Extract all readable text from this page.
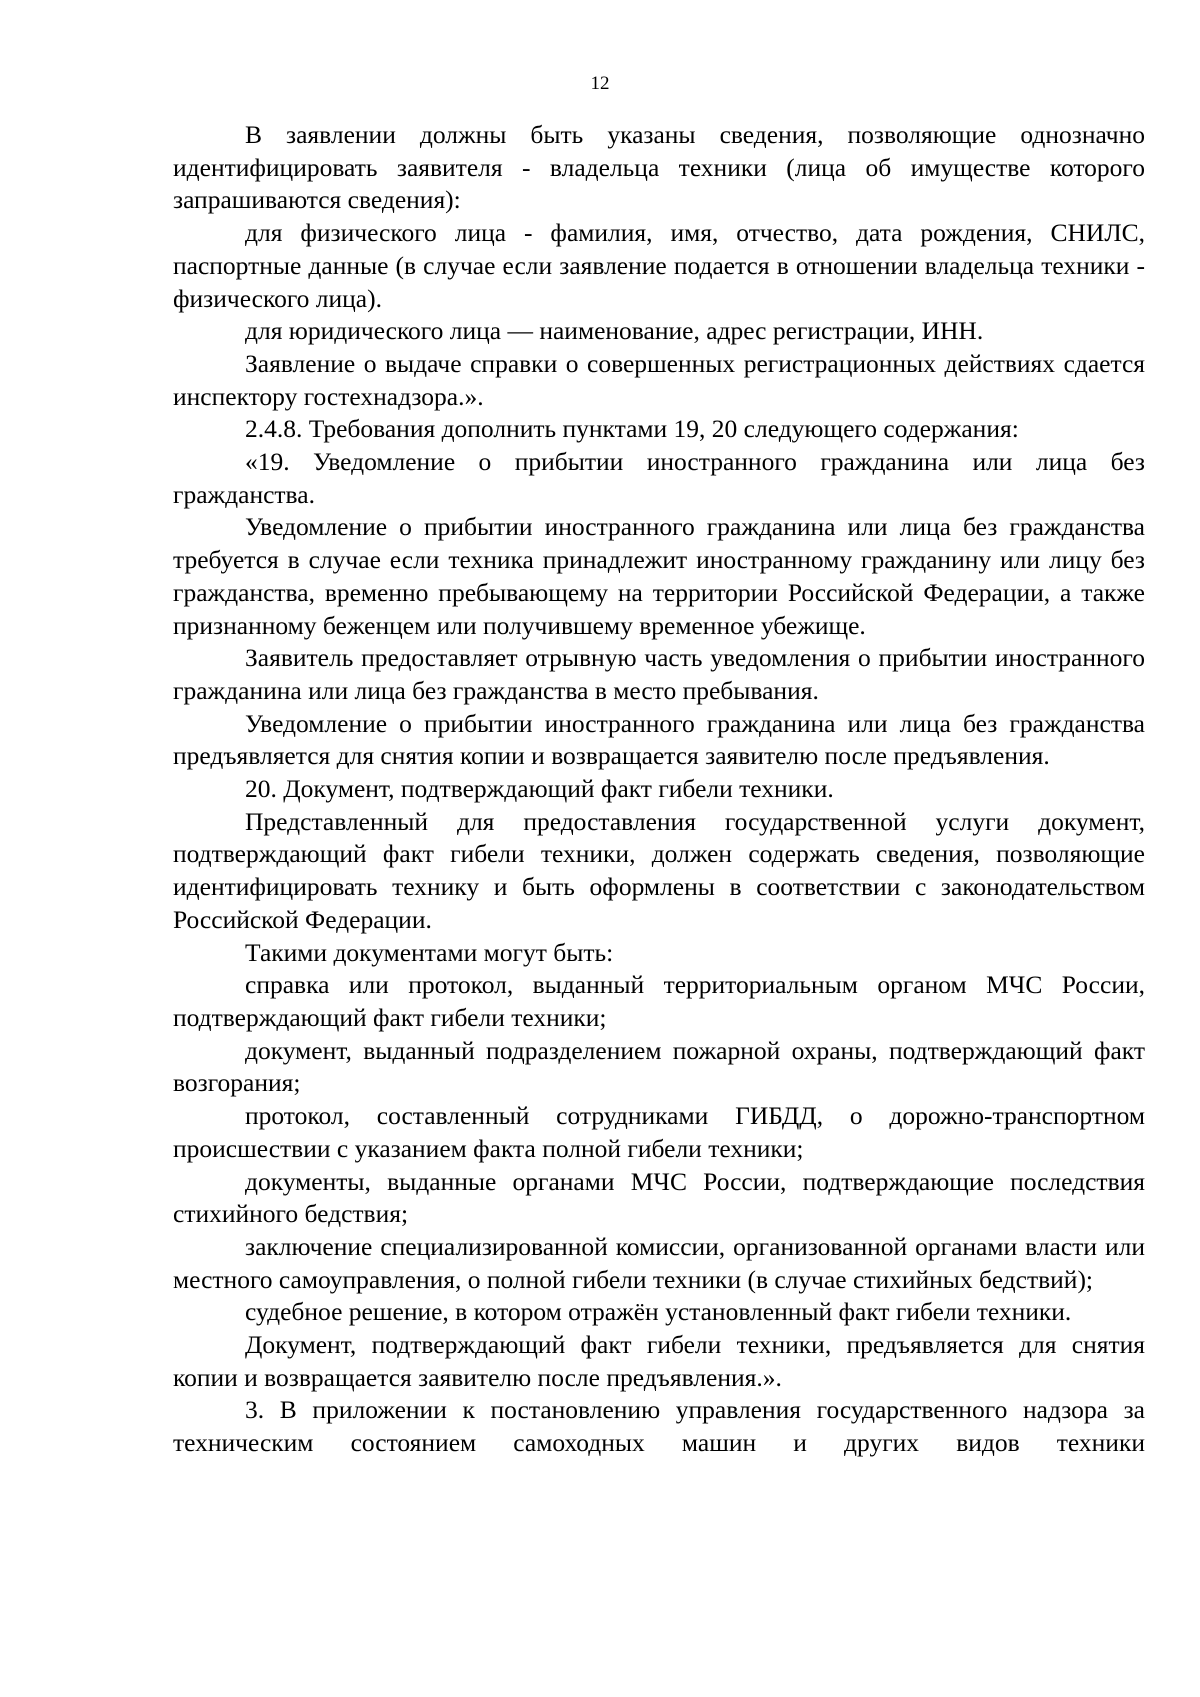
12

В заявлении должны быть указаны сведения, позволяющие однозначно идентифицировать заявителя - владельца техники (лица об имуществе которого запрашиваются сведения):

для физического лица - фамилия, имя, отчество, дата рождения, СНИЛС, паспортные данные (в случае если заявление подается в отношении владельца техники - физического лица).

для юридического лица — наименование, адрес регистрации, ИНН.

Заявление о выдаче справки о совершенных регистрационных действиях сдается инспектору гостехнадзора.».

2.4.8. Требования дополнить пунктами 19, 20 следующего содержания:

«19. Уведомление о прибытии иностранного гражданина или лица без гражданства.

Уведомление о прибытии иностранного гражданина или лица без гражданства требуется в случае если техника принадлежит иностранному гражданину или лицу без гражданства, временно пребывающему на территории Российской Федерации, а также признанному беженцем или получившему временное убежище.

Заявитель предоставляет отрывную часть уведомления о прибытии иностранного гражданина или лица без гражданства в место пребывания.

Уведомление о прибытии иностранного гражданина или лица без гражданства предъявляется для снятия копии и возвращается заявителю после предъявления.

20. Документ, подтверждающий факт гибели техники.

Представленный для предоставления государственной услуги документ, подтверждающий факт гибели техники, должен содержать сведения, позволяющие идентифицировать технику и быть оформлены в соответствии с законодательством Российской Федерации.

Такими документами могут быть:

справка или протокол, выданный территориальным органом МЧС России, подтверждающий факт гибели техники;

документ, выданный подразделением пожарной охраны, подтверждающий факт возгорания;

протокол, составленный сотрудниками ГИБДД, о дорожно-транспортном происшествии с указанием факта полной гибели техники;

документы, выданные органами МЧС России, подтверждающие последствия стихийного бедствия;

заключение специализированной комиссии, организованной органами власти или местного самоуправления, о полной гибели техники (в случае стихийных бедствий);

судебное решение, в котором отражён установленный факт гибели техники.

Документ, подтверждающий факт гибели техники, предъявляется для снятия копии и возвращается заявителю после предъявления.».

3. В приложении к постановлению управления государственного надзора за техническим состоянием самоходных машин и других видов техники
